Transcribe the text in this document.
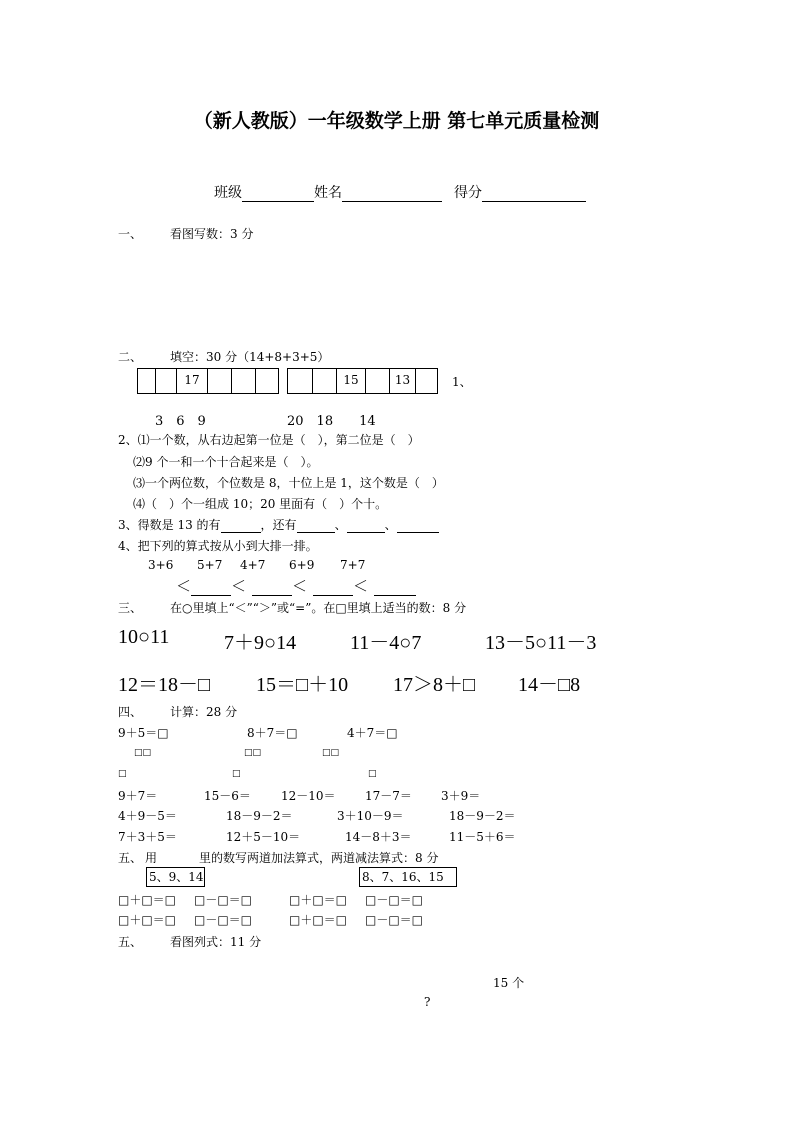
（新人教版）一年级数学上册 第七单元质量检测
班级	姓名	得分
一、 看图写数：3 分
二、 填空：30 分（14+8+3+5）
17	15	13	1、
3　6　9	20　18　　14
2、⑴一个数，从右边起第一位是（　），第二位是（　）
⑵9 个一和一个十合起来是（　）。
⑶一个两位数，个位数是 8，十位上是 1，这个数是（　）
⑷（　）个一组成 10；20 里面有（　）个十。
3、得数是 13 的有	，还有	、	、
4、把下列的算式按从小到大排一排。
3+6 5+7 4+7 6+9 7+7
＜	＜	＜	＜
三、 在○里填上“＜”“＞”或“=”。在□里填上适当的数：8 分
10○11	7＋9○14	11－4○7	13－5○11－3
12＝18－□ 15＝□＋10 17＞8＋□ 14－□8
四、 计算：28 分
9＋5＝□	8＋7＝□	4＋7＝□
□□	□□	□□
□	□	□
9＋7＝	15－6＝	12－10＝ 17－7＝ 3＋9＝
4＋9－5＝	18－9－2＝	3＋10－9＝	18－9－2＝
7＋3＋5＝	12＋5－10＝	14－8＋3＝	11－5＋6＝
五、 用	里的数写两道加法算式，两道减法算式：8 分
5、9、14	8、7、16、15
□＋□＝□ □－□＝□	□＋□＝□ □－□＝□
□＋□＝□ □－□＝□	□＋□＝□ □－□＝□
五、 看图列式：11 分
15 个
?
